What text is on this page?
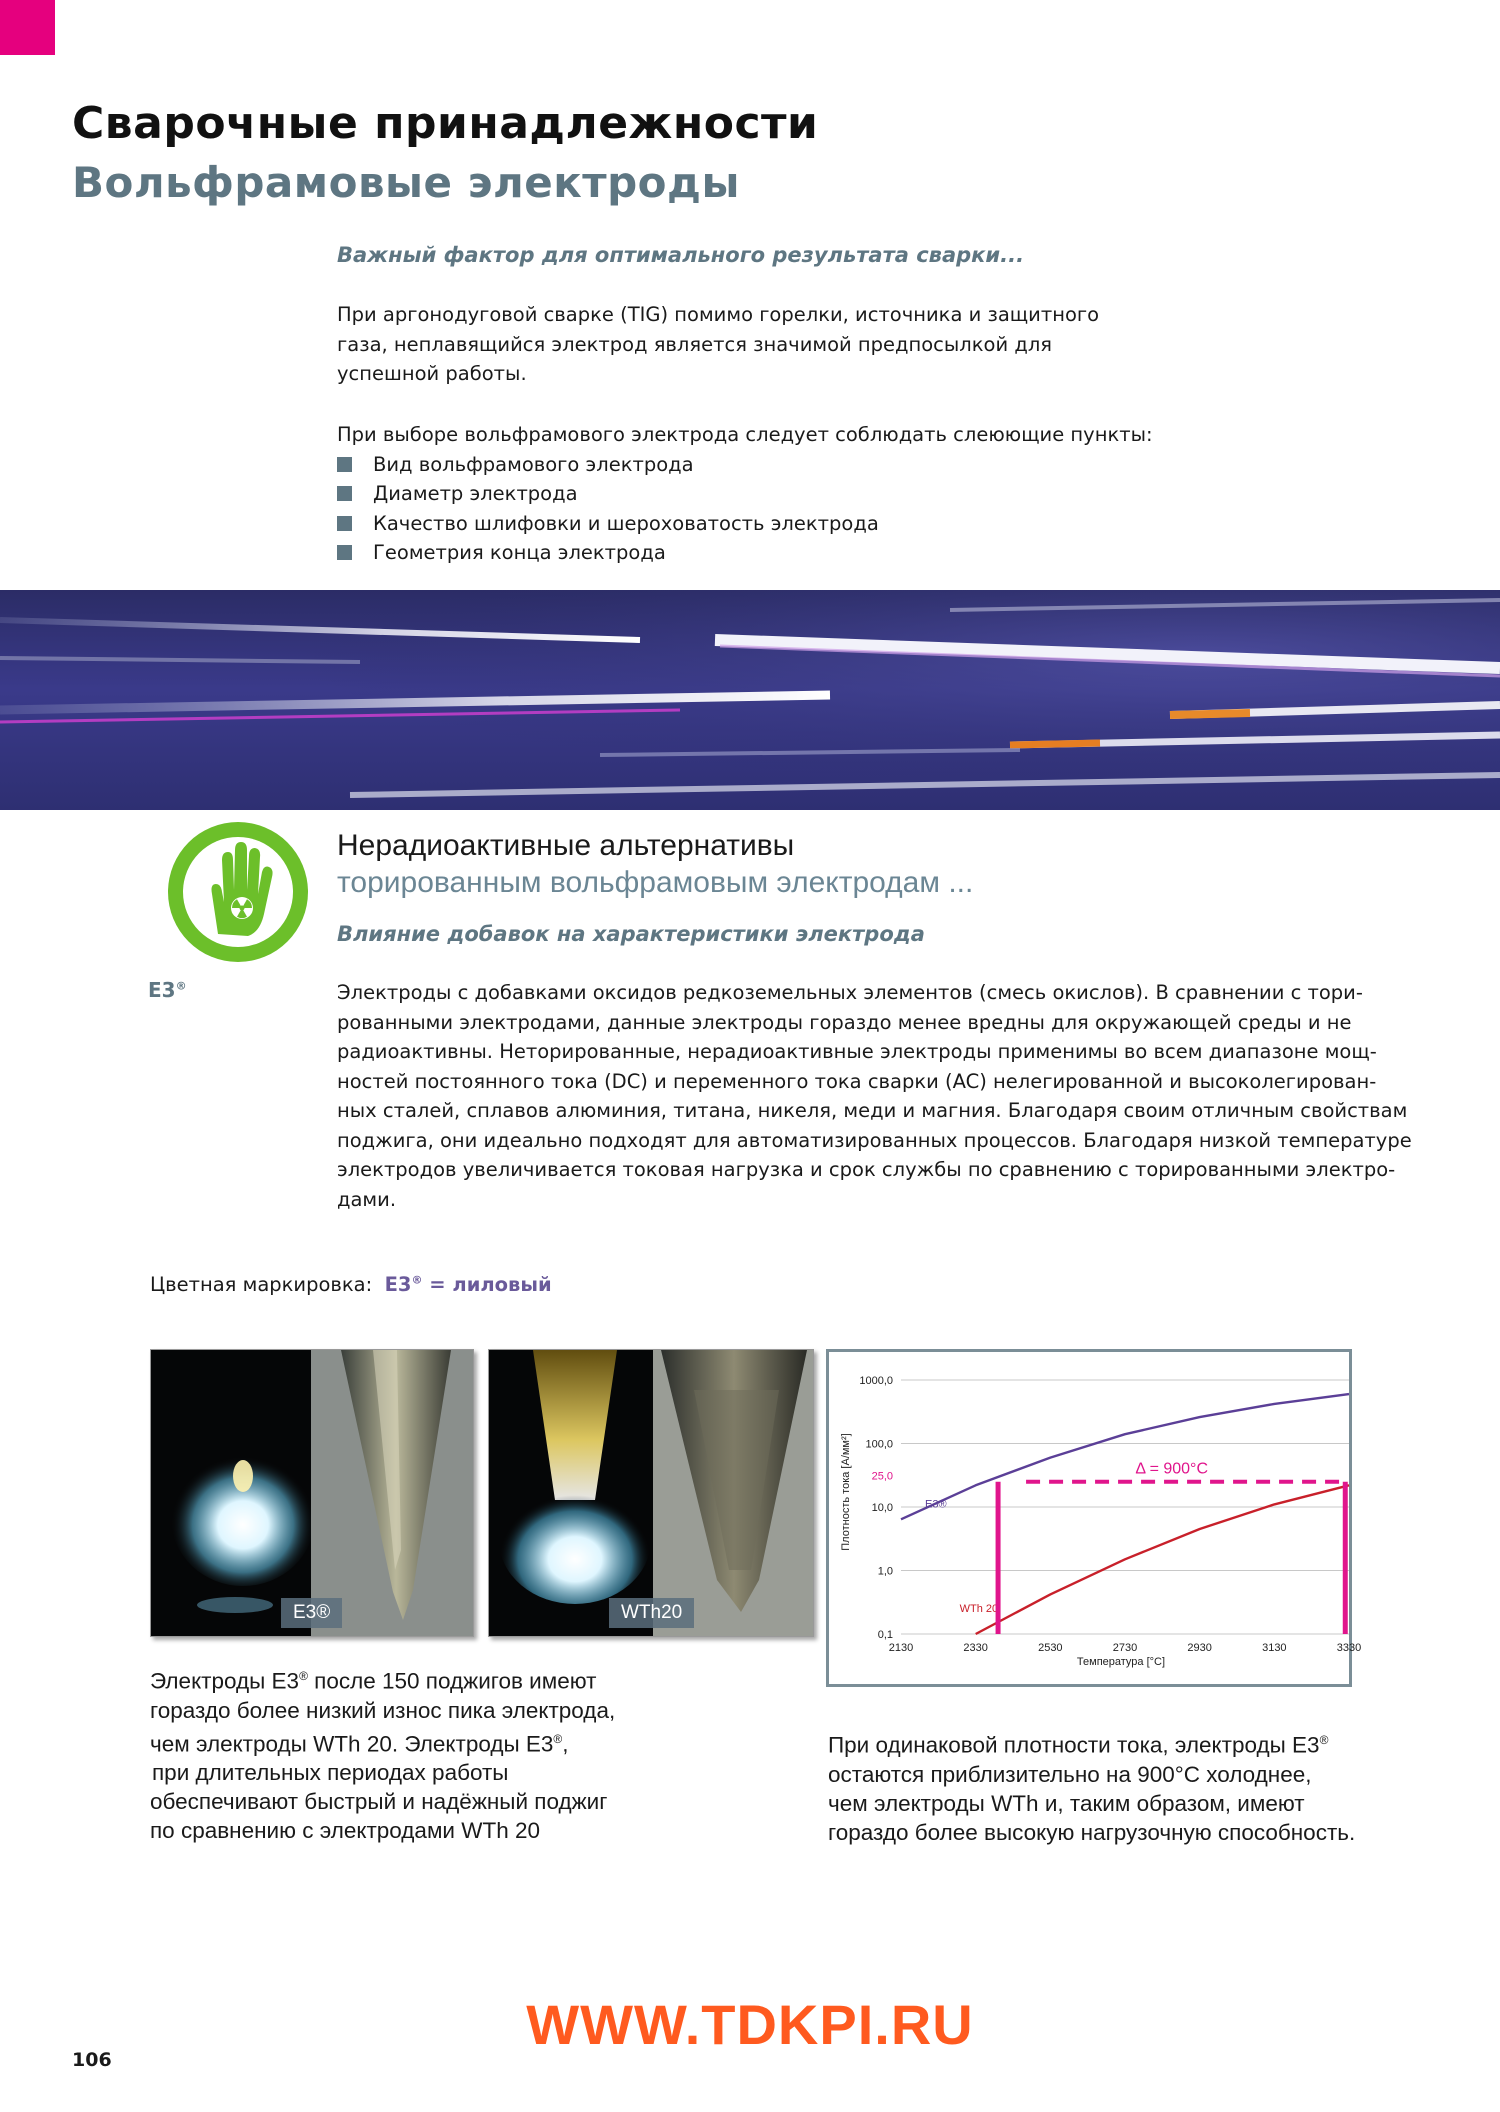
Сварочные принадлежности
Вольфрамовые электроды
Важный фактор для оптимального результата сварки...
При аргонодуговой сварке (TIG) помимо горелки, источника и защитного
газа, неплавящийся электрод является значимой предпосылкой для
успешной работы.
При выборе вольфрамового электрода следует соблюдать слеюющие пункты:
Вид вольфрамового электрода
Диаметр электрода
Качество шлифовки и шероховатость электрода
Геометрия конца электрода
Нерадиоактивные альтернативы
торированным вольфрамовым электродам ...
Влияние добавок на характеристики электрода
E3®	Электроды с добавками оксидов редкоземельных элементов (смесь окислов). В сравнении с тори-
рованными электродами, данные электроды гораздо менее вредны для окружающей среды и не
радиоактивны. Неторированные, нерадиоактивные электроды применимы во всем диапазоне мощ-
ностей постоянного тока (DC) и переменного тока сварки (AC) нелегированной и высоколегирован-
ных сталей, сплавов алюминия, титана, никеля, меди и магния. Благодаря своим отличным свойствам
поджига, они идеально подходят для автоматизированных процессов. Благодаря низкой температуре
электродов увеличивается токовая нагрузка и срок службы по сравнению с торированными электро-
дами.
Цветная маркировка: E3® = лиловый
E3®	WTh20
0,1
1,0
10,0
100,0
1000,0
2130	2330	2530	2730	2930	3130	3330
E3®
WTh 20
25,0	Δ = 900°C
Плотность тока [А/мм²]
Температура [°C]
Электроды E3® после 150 поджигов имеют
гораздо более низкий износ пика электрода,
чем электроды WTh 20. Электроды E3®,
при длительных периодах работы
обеспечивают быстрый и надёжный поджиг
по сравнению с электродами WTh 20
При одинаковой плотности тока, электроды E3®
остаются приблизительно на 900°C холоднее,
чем электроды WTh и, таким образом, имеют
гораздо более высокую нагрузочную способность.
WWW.TDKPI.RU
106
